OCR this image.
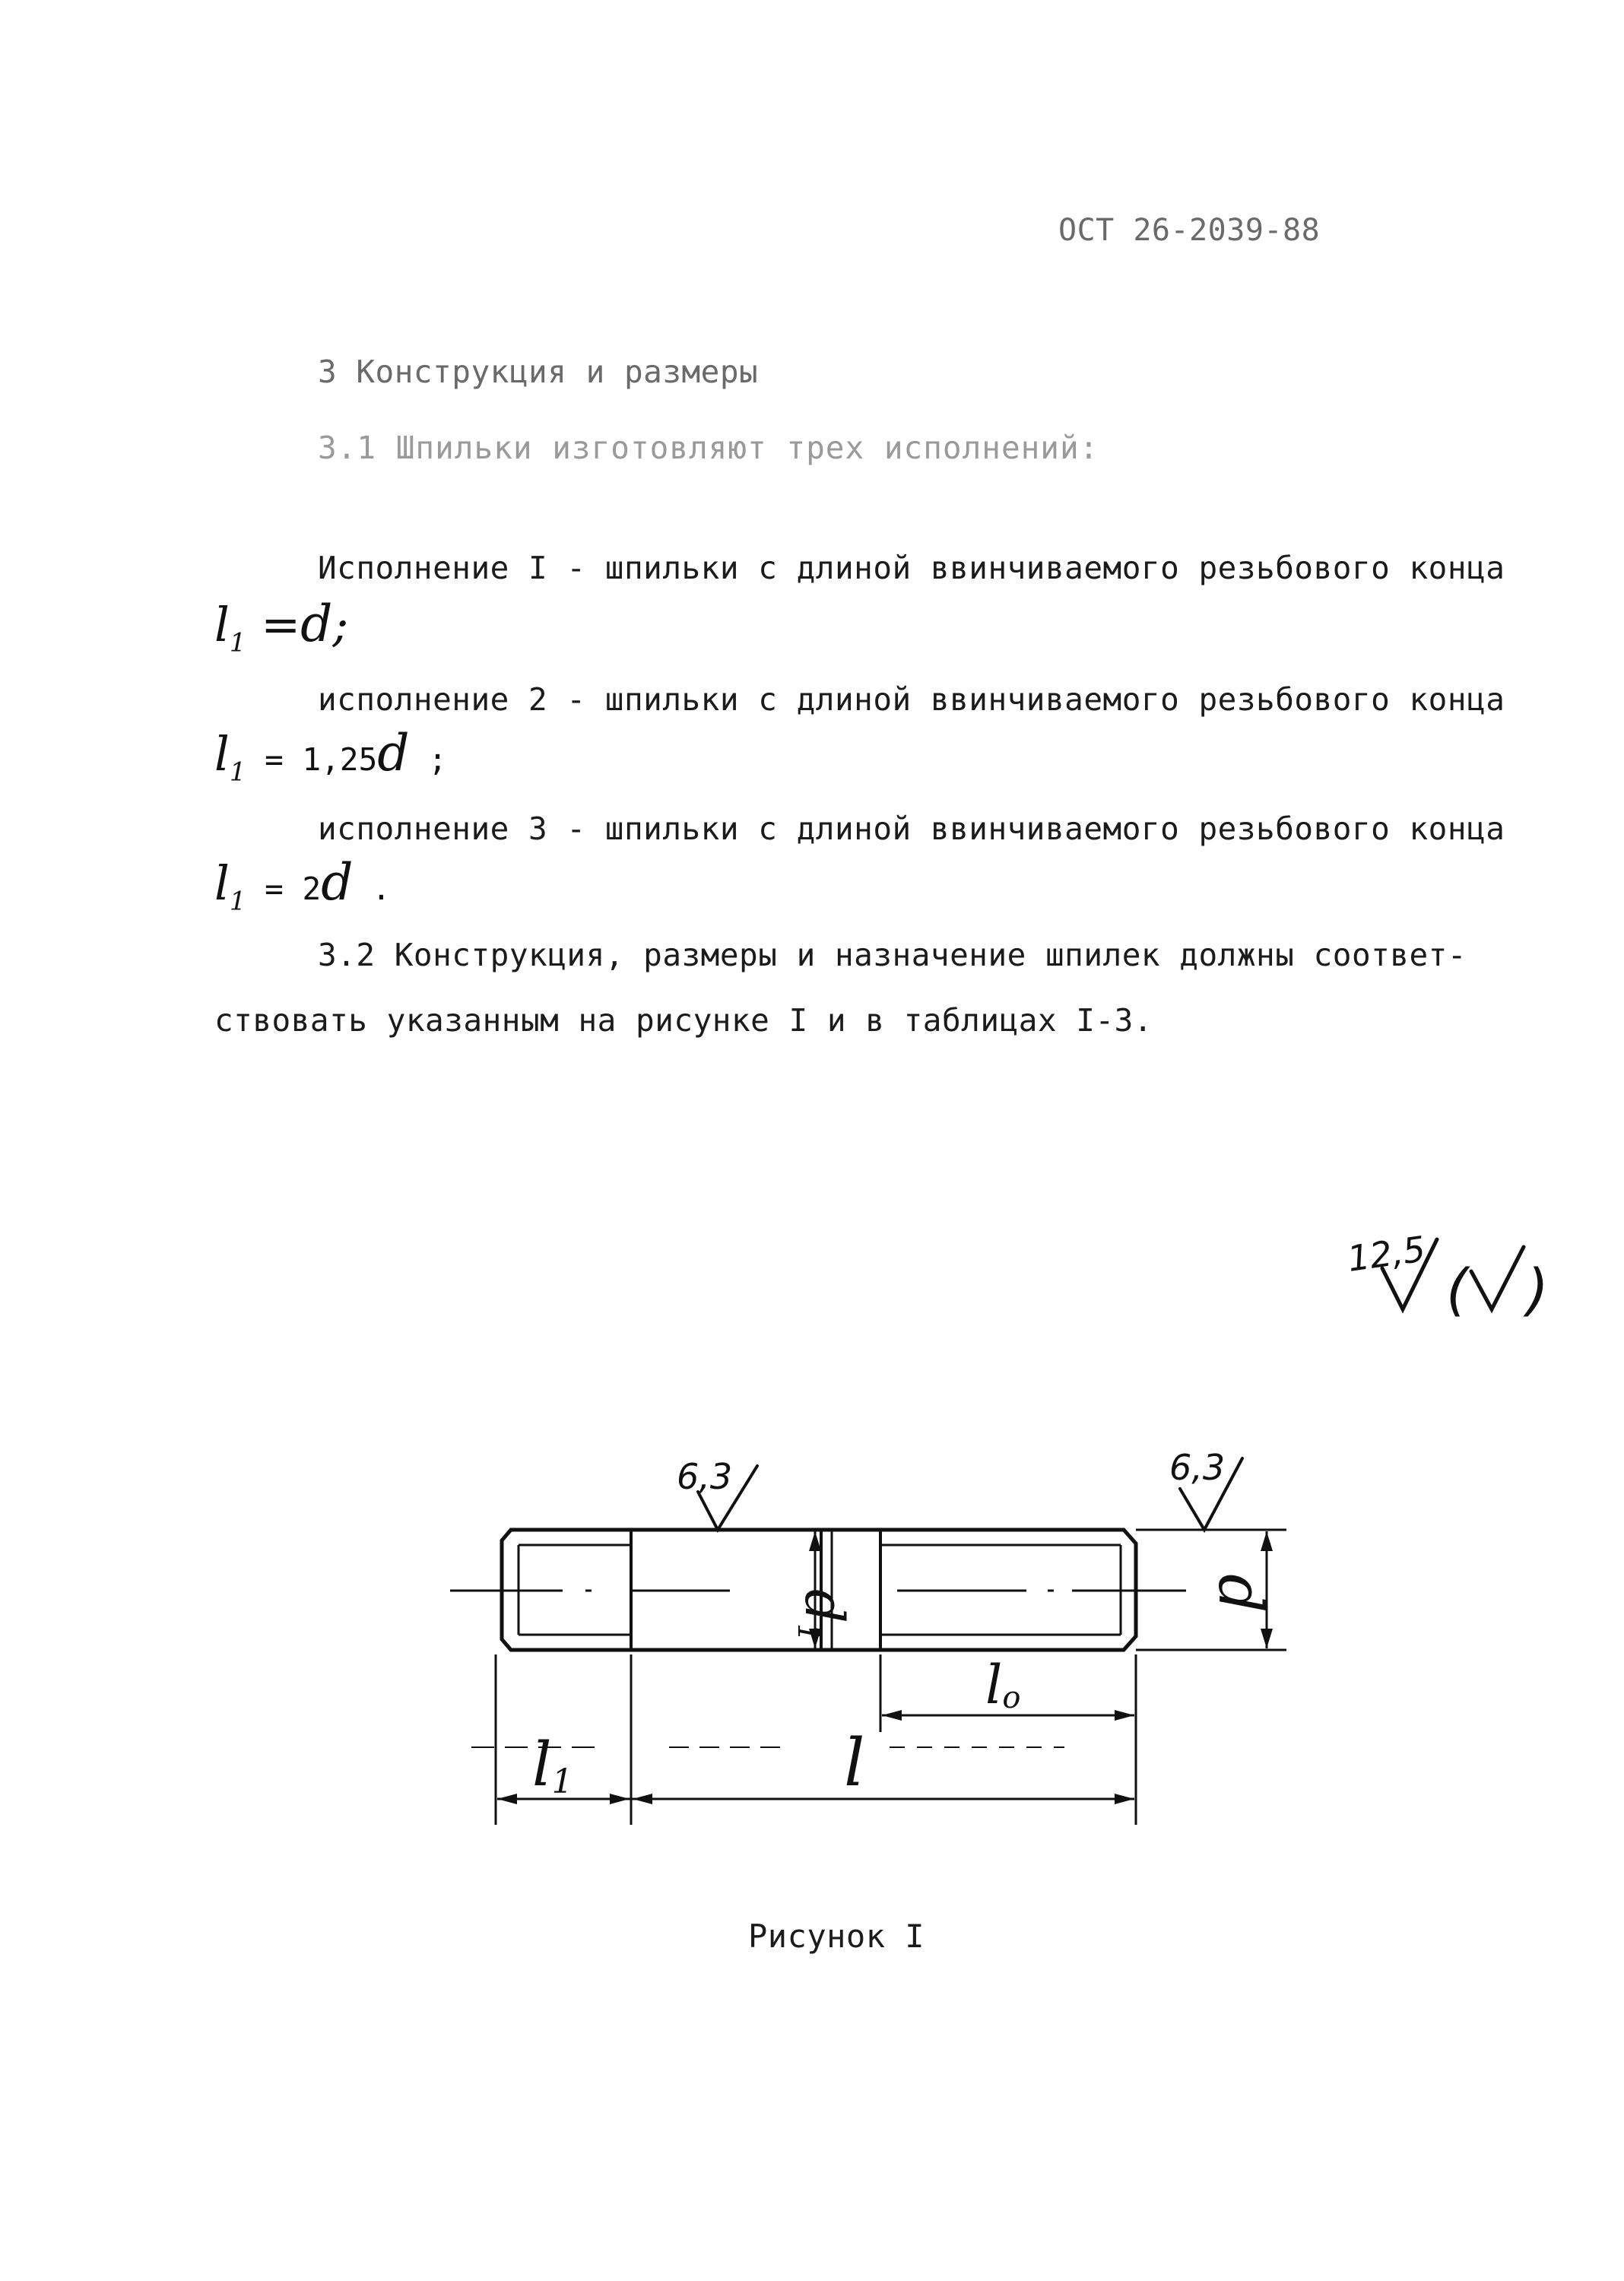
ОСТ 26-2039-88
3 Конструкция и размеры
3.1 Шпильки изготовляют трех исполнений:
Исполнение I - шпильки с длиной ввинчиваемого резьбового конца
$l_1 =d$;
исполнение 2 - шпильки с длиной ввинчиваемого резьбового конца
$l_1 = 1,25d$ ;
исполнение 3 - шпильки с длиной ввинчиваемого резьбового конца
$l_1 = 2d$ .
3.2 Конструкция, размеры и назначение шпилек должны соответ-
ствовать указанным на рисунке I и в таблицах I-3.
12,5
( )
d1
d
6,3	6,3
lo
l1	l
Рисунок I
